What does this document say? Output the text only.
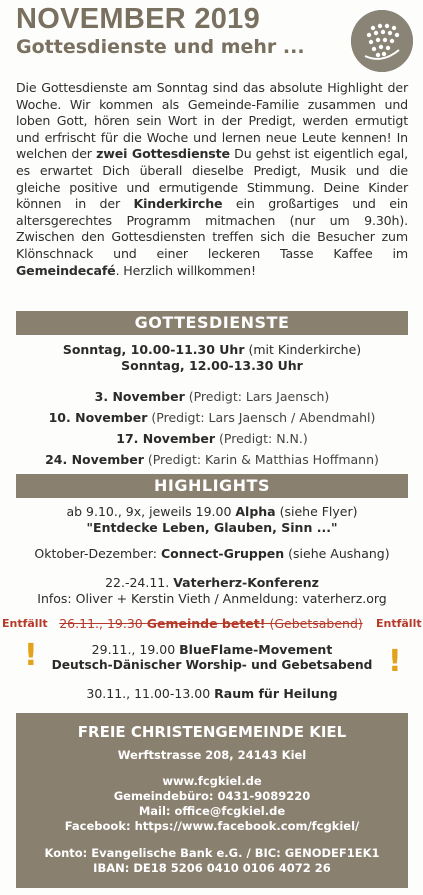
NOVEMBER 2019
Gottesdienste und mehr ...
Die Gottesdienste am Sonntag sind das absolute Highlight der Woche. Wir kommen als Gemeinde-Familie zusammen und loben Gott, hören sein Wort in der Predigt, werden ermutigt und erfrischt für die Woche und lernen neue Leute kennen! In welchen der zwei Gottesdienste Du gehst ist eigentlich egal, es erwartet Dich überall dieselbe Predigt, Musik und die gleiche positive und ermutigende Stimmung. Deine Kinder können in der Kinderkirche ein großartiges und ein altersgerechtes Programm mitmachen (nur um 9.30h). Zwischen den Gottesdiensten treffen sich die Besucher zum Klönschnack und einer leckeren Tasse Kaffee im Gemeindecafé. Herzlich willkommen!
GOTTESDIENSTE
Sonntag, 10.00-11.30 Uhr (mit Kinderkirche)
Sonntag, 12.00-13.30 Uhr
3. November (Predigt: Lars Jaensch)
10. November (Predigt: Lars Jaensch / Abendmahl)
17. November (Predigt: N.N.)
24. November (Predigt: Karin & Matthias Hoffmann)
HIGHLIGHTS
ab 9.10., 9x, jeweils 19.00 Alpha (siehe Flyer)
"Entdecke Leben, Glauben, Sinn ..."
Oktober-Dezember: Connect-Gruppen (siehe Aushang)
22.-24.11. Vaterherz-Konferenz
Infos: Oliver + Kerstin Vieth / Anmeldung: vaterherz.org
Entfällt 26.11., 19.30 Gemeinde betet! (Gebetsabend)	Entfällt
!	29.11., 19.00 BlueFlame-Movement
Deutsch-Dänischer Worship- und Gebetsabend !
30.11., 11.00-13.00 Raum für Heilung
FREIE CHRISTENGEMEINDE KIEL
Werftstrasse 208, 24143 Kiel
www.fcgkiel.de
Gemeindebüro: 0431-9089220
Mail: office@fcgkiel.de
Facebook: https://www.facebook.com/fcgkiel/
Konto: Evangelische Bank e.G. / BIC: GENODEF1EK1
IBAN: DE18 5206 0410 0106 4072 26
